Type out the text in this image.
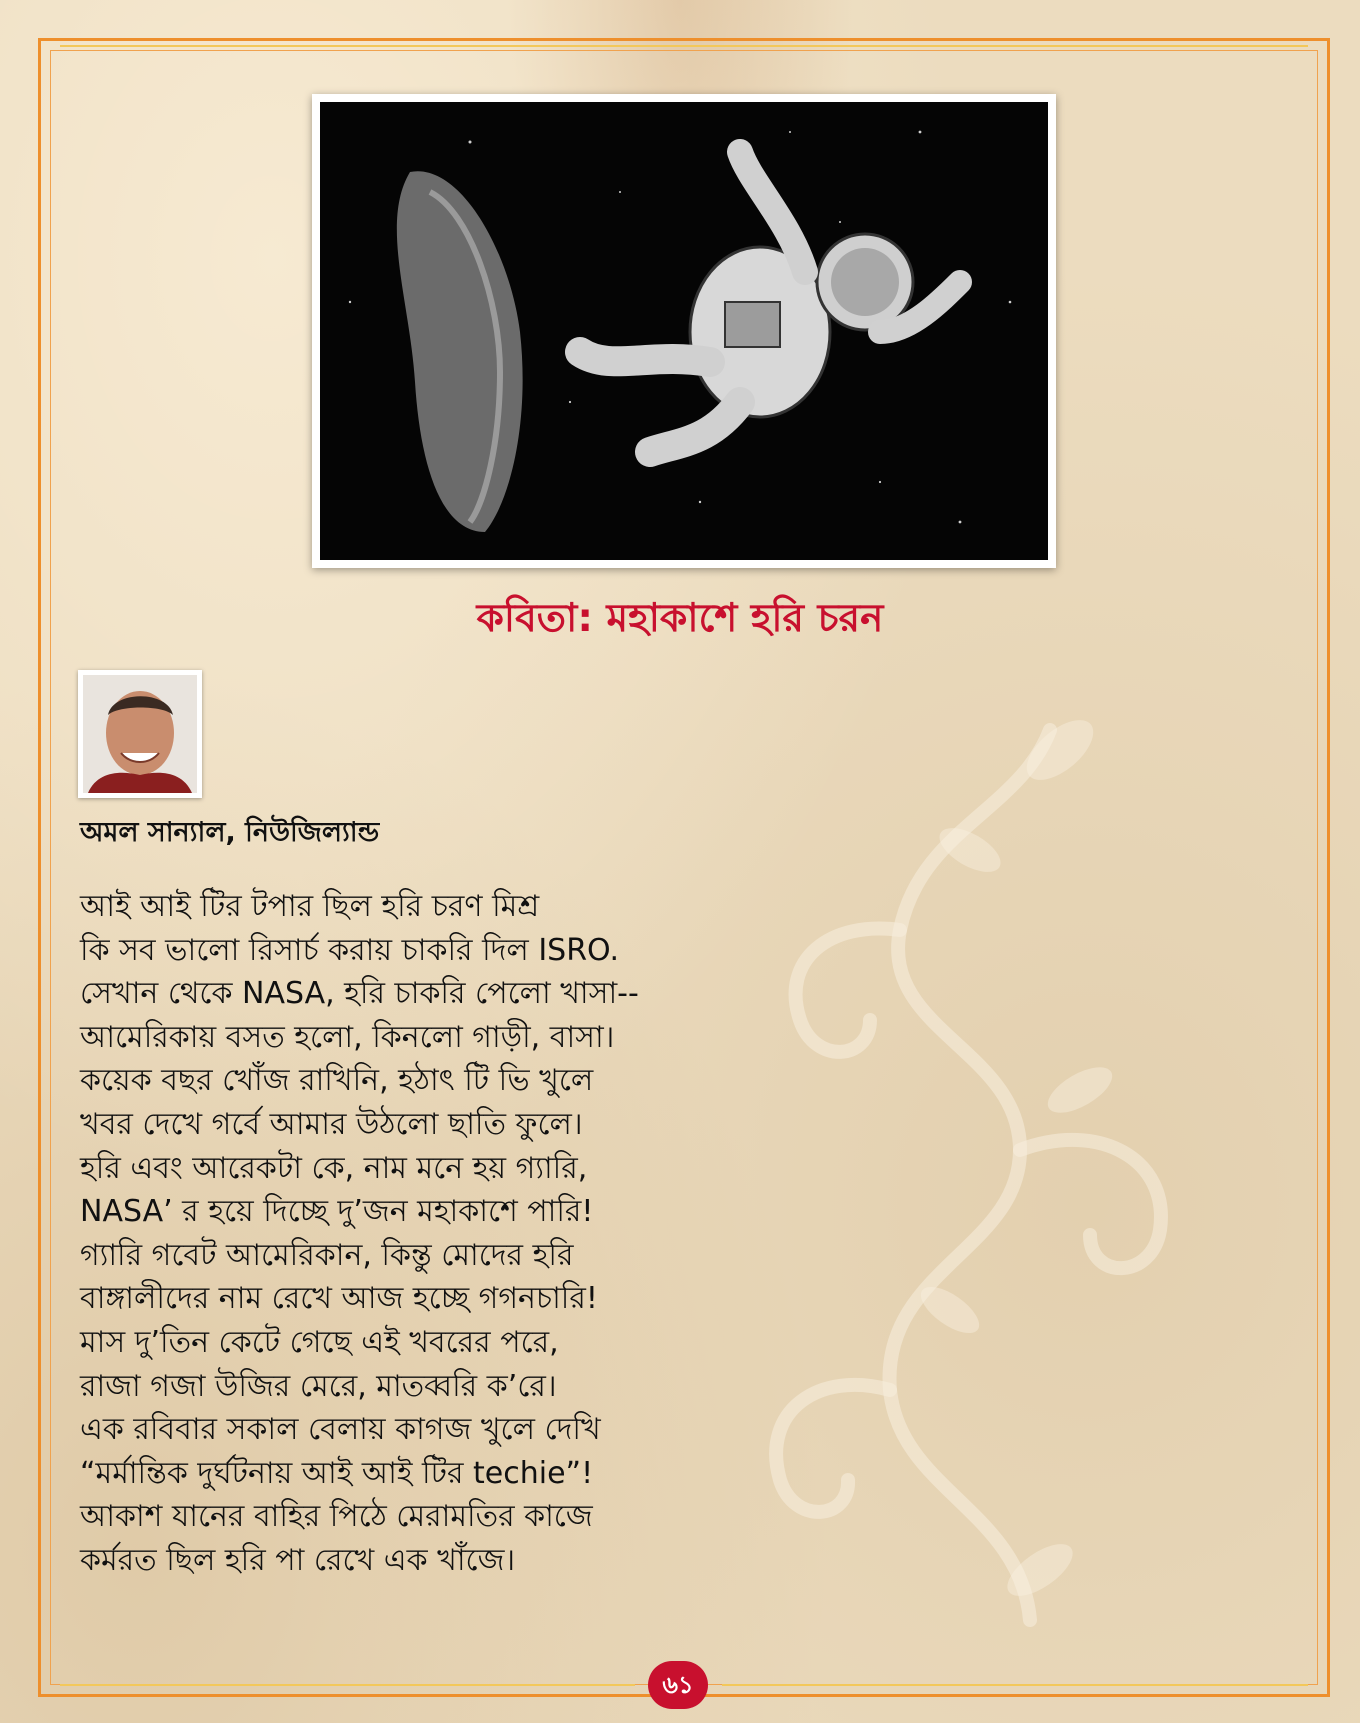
কবিতা: মহাকাশে হরি চরন
অমল সান্যাল, নিউজিল্যান্ড
আই আই টির টপার ছিল হরি চরণ মিশ্র
কি সব ভালো রিসার্চ করায় চাকরি দিল ISRO.
সেখান থেকে NASA, হরি চাকরি পেলো খাসা--
আমেরিকায় বসত হলো, কিনলো গাড়ী, বাসা।
কয়েক বছর খোঁজ রাখিনি, হঠাৎ টি ভি খুলে
খবর দেখে গর্বে আমার উঠলো ছাতি ফুলে।
হরি এবং আরেকটা কে, নাম মনে হয় গ্যারি,
NASA’ র হয়ে দিচ্ছে দু’জন মহাকাশে পারি!
গ্যারি গবেট আমেরিকান, কিন্তু মোদের হরি
বাঙ্গালীদের নাম রেখে আজ হচ্ছে গগনচারি!
মাস দু’তিন কেটে গেছে এই খবরের পরে,
রাজা গজা উজির মেরে, মাতব্বরি ক’রে।
এক রবিবার সকাল বেলায় কাগজ খুলে দেখি
“মর্মান্তিক দুর্ঘটনায় আই আই টির techie”!
আকাশ যানের বাহির পিঠে মেরামতির কাজে
কর্মরত ছিল হরি পা রেখে এক খাঁজে।
৬১
